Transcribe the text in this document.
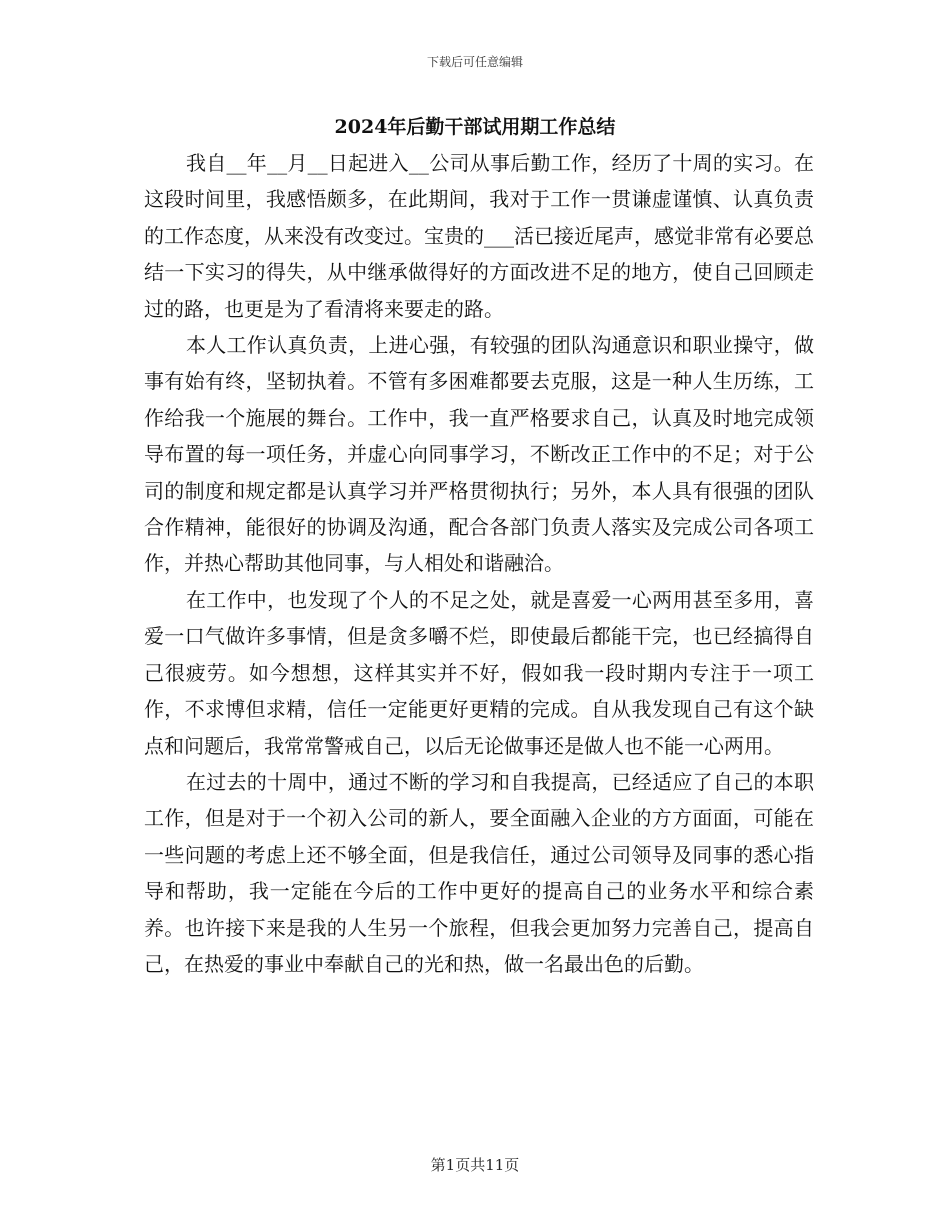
下载后可任意编辑
2024年后勤干部试用期工作总结

我自__年__月__日起进入__公司从事后勤工作，经历了十周的实习。在这段时间里，我感悟颇多，在此期间，我对于工作一贯谦虚谨慎、认真负责的工作态度，从来没有改变过。宝贵的___活已接近尾声，感觉非常有必要总结一下实习的得失，从中继承做得好的方面改进不足的地方，使自己回顾走过的路，也更是为了看清将来要走的路。

本人工作认真负责，上进心强，有较强的团队沟通意识和职业操守，做事有始有终，坚韧执着。不管有多困难都要去克服，这是一种人生历练，工作给我一个施展的舞台。工作中，我一直严格要求自己，认真及时地完成领导布置的每一项任务，并虚心向同事学习，不断改正工作中的不足；对于公司的制度和规定都是认真学习并严格贯彻执行；另外，本人具有很强的团队合作精神，能很好的协调及沟通，配合各部门负责人落实及完成公司各项工作，并热心帮助其他同事，与人相处和谐融洽。

在工作中，也发现了个人的不足之处，就是喜爱一心两用甚至多用，喜爱一口气做许多事情，但是贪多嚼不烂，即使最后都能干完，也已经搞得自己很疲劳。如今想想，这样其实并不好，假如我一段时期内专注于一项工作，不求博但求精，信任一定能更好更精的完成。自从我发现自己有这个缺点和问题后，我常常警戒自己，以后无论做事还是做人也不能一心两用。

在过去的十周中，通过不断的学习和自我提高，已经适应了自己的本职工作，但是对于一个初入公司的新人，要全面融入企业的方方面面，可能在一些问题的考虑上还不够全面，但是我信任，通过公司领导及同事的悉心指导和帮助，我一定能在今后的工作中更好的提高自己的业务水平和综合素养。也许接下来是我的人生另一个旅程，但我会更加努力完善自己，提高自己，在热爱的事业中奉献自己的光和热，做一名最出色的后勤。

第1页共11页
